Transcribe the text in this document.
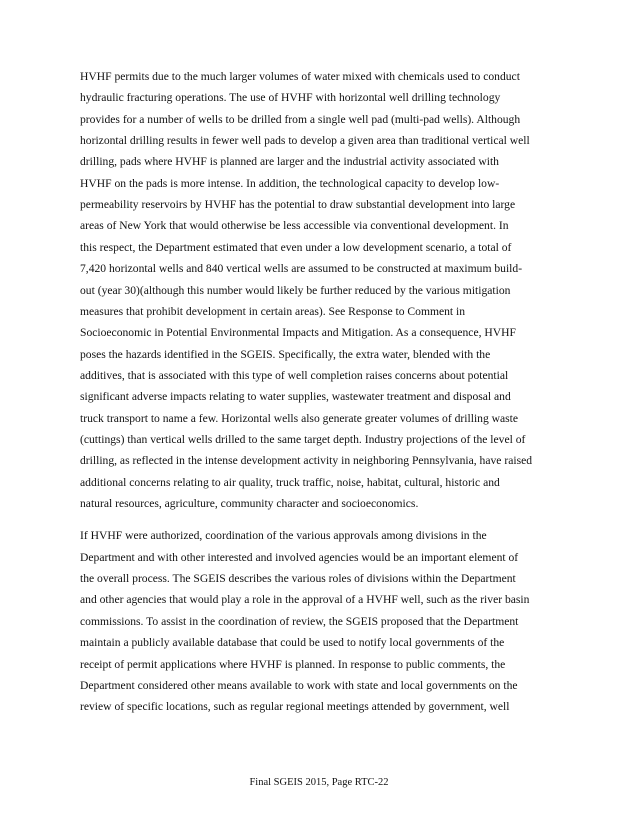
HVHF permits due to the much larger volumes of water mixed with chemicals used to conduct
hydraulic fracturing operations. The use of HVHF with horizontal well drilling technology
provides for a number of wells to be drilled from a single well pad (multi-pad wells). Although
horizontal drilling results in fewer well pads to develop a given area than traditional vertical well
drilling, pads where HVHF is planned are larger and the industrial activity associated with
HVHF on the pads is more intense. In addition, the technological capacity to develop low-
permeability reservoirs by HVHF has the potential to draw substantial development into large
areas of New York that would otherwise be less accessible via conventional development. In
this respect, the Department estimated that even under a low development scenario, a total of
7,420 horizontal wells and 840 vertical wells are assumed to be constructed at maximum build-
out (year 30)(although this number would likely be further reduced by the various mitigation
measures that prohibit development in certain areas). See Response to Comment in
Socioeconomic in Potential Environmental Impacts and Mitigation. As a consequence, HVHF
poses the hazards identified in the SGEIS. Specifically, the extra water, blended with the
additives, that is associated with this type of well completion raises concerns about potential
significant adverse impacts relating to water supplies, wastewater treatment and disposal and
truck transport to name a few. Horizontal wells also generate greater volumes of drilling waste
(cuttings) than vertical wells drilled to the same target depth. Industry projections of the level of
drilling, as reflected in the intense development activity in neighboring Pennsylvania, have raised
additional concerns relating to air quality, truck traffic, noise, habitat, cultural, historic and
natural resources, agriculture, community character and socioeconomics.
If HVHF were authorized, coordination of the various approvals among divisions in the
Department and with other interested and involved agencies would be an important element of
the overall process. The SGEIS describes the various roles of divisions within the Department
and other agencies that would play a role in the approval of a HVHF well, such as the river basin
commissions. To assist in the coordination of review, the SGEIS proposed that the Department
maintain a publicly available database that could be used to notify local governments of the
receipt of permit applications where HVHF is planned. In response to public comments, the
Department considered other means available to work with state and local governments on the
review of specific locations, such as regular regional meetings attended by government, well
Final SGEIS 2015, Page RTC-22
